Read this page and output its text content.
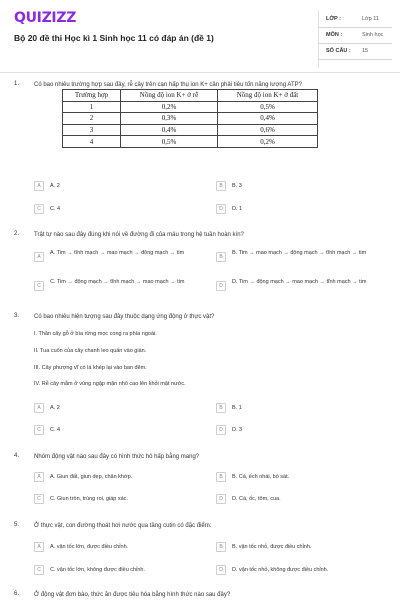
QUIZIZZ
Bộ 20 đề thi Học kì 1 Sinh học 11 có đáp án (đề 1)
LỚP :	Lớp 11
MÔN :	Sinh học
SỐ CÂU : 15
1. Có bao nhiêu trường hợp sau đây, rễ cây trên cạn hấp thụ ion K+ cần phải tiêu tốn năng lượng ATP?
Trường hợp	Nồng độ ion K+ ở rễ	Nồng độ ion K+ ở đất
1	0,2%	0,5%
2	0,3%	0,4%
3	0,4%	0,6%
4	0,5%	0,2%
A	A. 2	B	B. 3
C	C. 4	D	D. 1
2. Trật tự nào sau đây đúng khi nói về đường đi của máu trong hệ tuần hoàn kín?
A
A. Tim → tĩnh mạch → mao mạch → động mạch → tim
B
B. Tim → mao mạch → động mạch → tĩnh mạch → tim
C
C. Tim → động mạch → tĩnh mạch → mao mạch → tim
D
D. Tim → động mạch → mao mạch → tĩnh mạch → tim
3. Có bao nhiêu hiện tượng sau đây thuộc dạng ứng động ở thực vật?
I. Thân cây gỗ ở bìa rừng mọc cong ra phía ngoài.
II. Tua cuốn của cây chanh leo quấn vào giàn.
III. Cây phượng vĩ có lá khép lại vào ban đêm.
IV. Rễ cây mắm ở vùng ngập mặn nhô cao lên khỏi mặt nước.
A	A. 2	B	B. 1
C	C. 4	D	D. 3
4. Nhóm động vật nào sau đây có hình thức hô hấp bằng mang?
A	A. Giun đất, giun dẹp, chân khớp.	B	B. Cá, ếch nhái, bò sát.
C	C. Giun tròn, trùng roi, giáp xác.	D	D. Cá, ốc, tôm, cua.
5. Ở thực vật, con đường thoát hơi nước qua tầng cutin có đặc điểm:
A	A. vận tốc lớn, được điều chỉnh.	B	B. vận tốc nhỏ, được điều chỉnh.
C	C. vận tốc lớn, không được điều chỉnh.	D	D. vận tốc nhỏ, không được điều chỉnh.
6. Ở động vật đơn bào, thức ăn được tiêu hóa bằng hình thức nào sau đây?
